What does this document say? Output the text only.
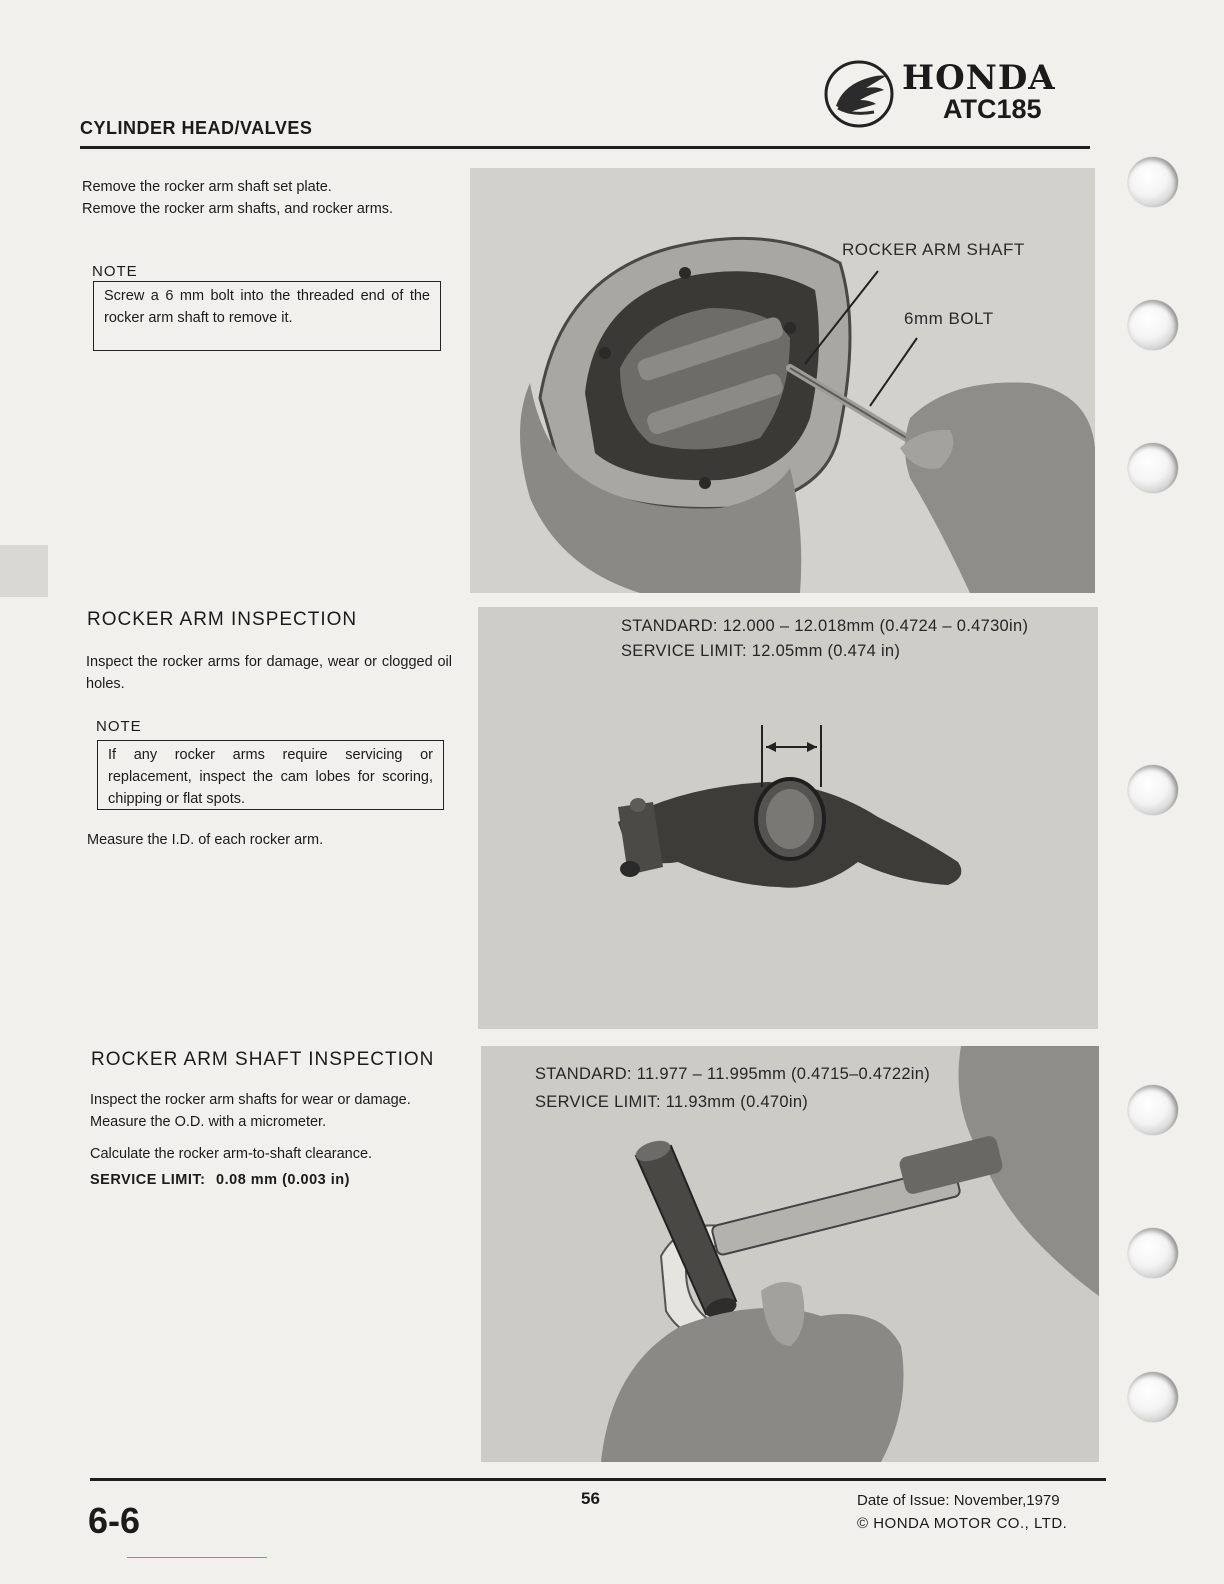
CYLINDER HEAD/VALVES
HONDA
ATC185

Remove the rocker arm shaft set plate.

Remove the rocker arm shafts, and rocker arms.

NOTE
Screw a 6 mm bolt into the threaded end of the rocker arm shaft to remove it.
ROCKER ARM SHAFT
6mm BOLT
ROCKER ARM INSPECTION

Inspect the rocker arms for damage, wear or clogged oil holes.

NOTE
If any rocker arms require servicing or replacement, inspect the cam lobes for scoring, chipping or flat spots.
Measure the I.D. of each rocker arm.
STANDARD: 12.000 – 12.018mm (0.4724 – 0.4730in)
SERVICE LIMIT: 12.05mm (0.474 in)
ROCKER ARM SHAFT INSPECTION

Inspect the rocker arm shafts for wear or damage.

Measure the O.D. with a micrometer.

Calculate the rocker arm-to-shaft clearance.

SERVICE LIMIT: 0.08 mm (0.003 in)

STANDARD: 11.977 – 11.995mm (0.4715–0.4722in)
SERVICE LIMIT: 11.93mm (0.470in)
6-6
56	Date of Issue: November,1979
© HONDA MOTOR CO., LTD.
